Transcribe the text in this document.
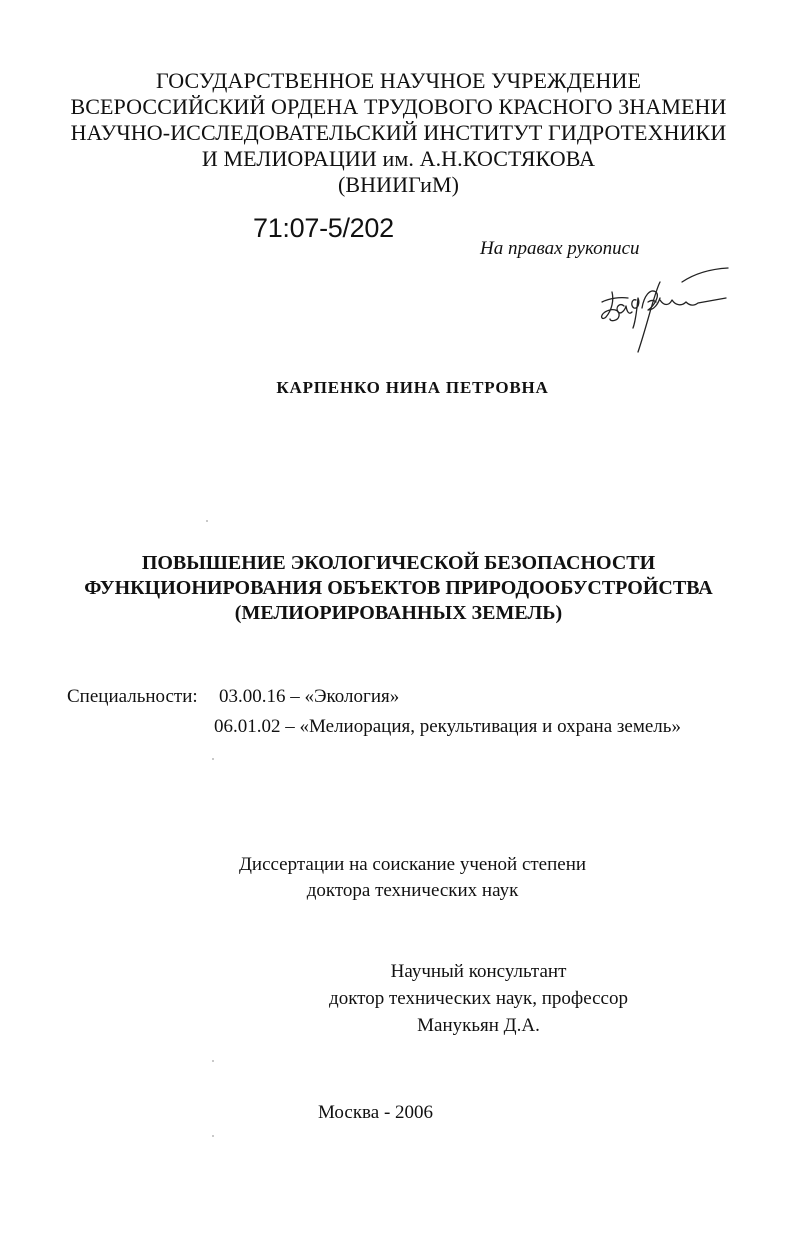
ГОСУДАРСТВЕННОЕ НАУЧНОЕ УЧРЕЖДЕНИЕ
ВСЕРОССИЙСКИЙ ОРДЕНА ТРУДОВОГО КРАСНОГО ЗНАМЕНИ
НАУЧНО-ИССЛЕДОВАТЕЛЬСКИЙ ИНСТИТУТ ГИДРОТЕХНИКИ
И МЕЛИОРАЦИИ им. А.Н.КОСТЯКОВА
(ВНИИГиМ)
71:07-5/202
На правах рукописи
КАРПЕНКО НИНА ПЕТРОВНА
ПОВЫШЕНИЕ ЭКОЛОГИЧЕСКОЙ БЕЗОПАСНОСТИ
ФУНКЦИОНИРОВАНИЯ ОБЪЕКТОВ ПРИРОДООБУСТРОЙСТВА
(МЕЛИОРИРОВАННЫХ ЗЕМЕЛЬ)
Специальности: 03.00.16 – «Экология»
06.01.02 – «Мелиорация, рекультивация и охрана земель»
Диссертации на соискание ученой степени
доктора технических наук
Научный консультант
доктор технических наук, профессор
Манукьян Д.А.
Москва - 2006
